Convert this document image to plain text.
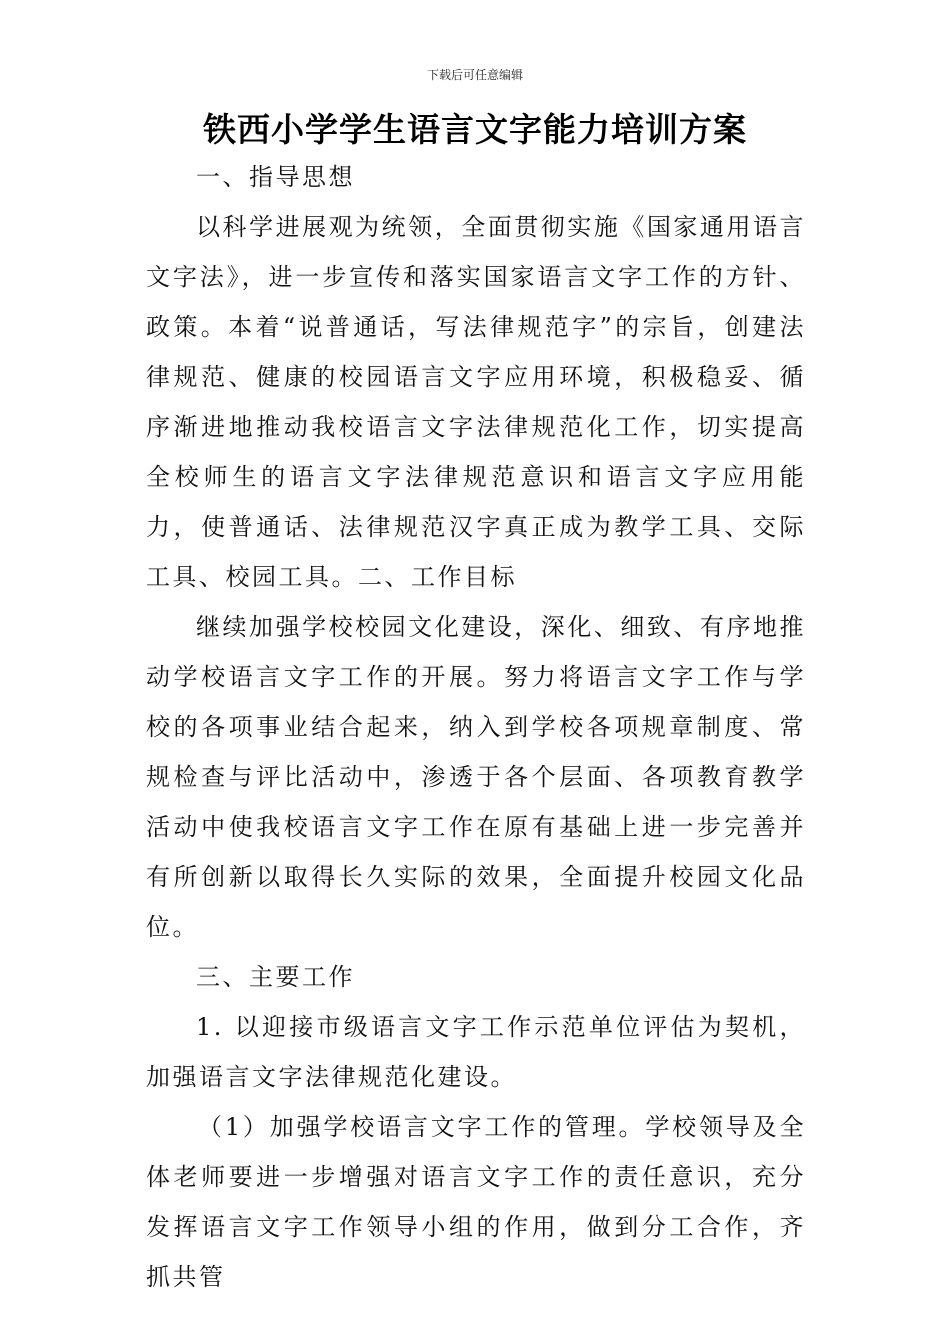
下载后可任意编辑
铁西小学学生语言文字能力培训方案

一、指导思想

以科学进展观为统领，全面贯彻实施《国家通用语言文字法》，进一步宣传和落实国家语言文字工作的方针、政策。本着“说普通话，写法律规范字”的宗旨，创建法律规范、健康的校园语言文字应用环境，积极稳妥、循序渐进地推动我校语言文字法律规范化工作，切实提高全校师生的语言文字法律规范意识和语言文字应用能力，使普通话、法律规范汉字真正成为教学工具、交际工具、校园工具。二、工作目标

继续加强学校校园文化建设，深化、细致、有序地推动学校语言文字工作的开展。努力将语言文字工作与学校的各项事业结合起来，纳入到学校各项规章制度、常规检查与评比活动中，渗透于各个层面、各项教育教学活动中使我校语言文字工作在原有基础上进一步完善并有所创新以取得长久实际的效果，全面提升校园文化品位。

三、主要工作

1. 以迎接市级语言文字工作示范单位评估为契机，加强语言文字法律规范化建设。

（1）加强学校语言文字工作的管理。学校领导及全体老师要进一步增强对语言文字工作的责任意识，充分发挥语言文字工作领导小组的作用，做到分工合作，齐抓共管
